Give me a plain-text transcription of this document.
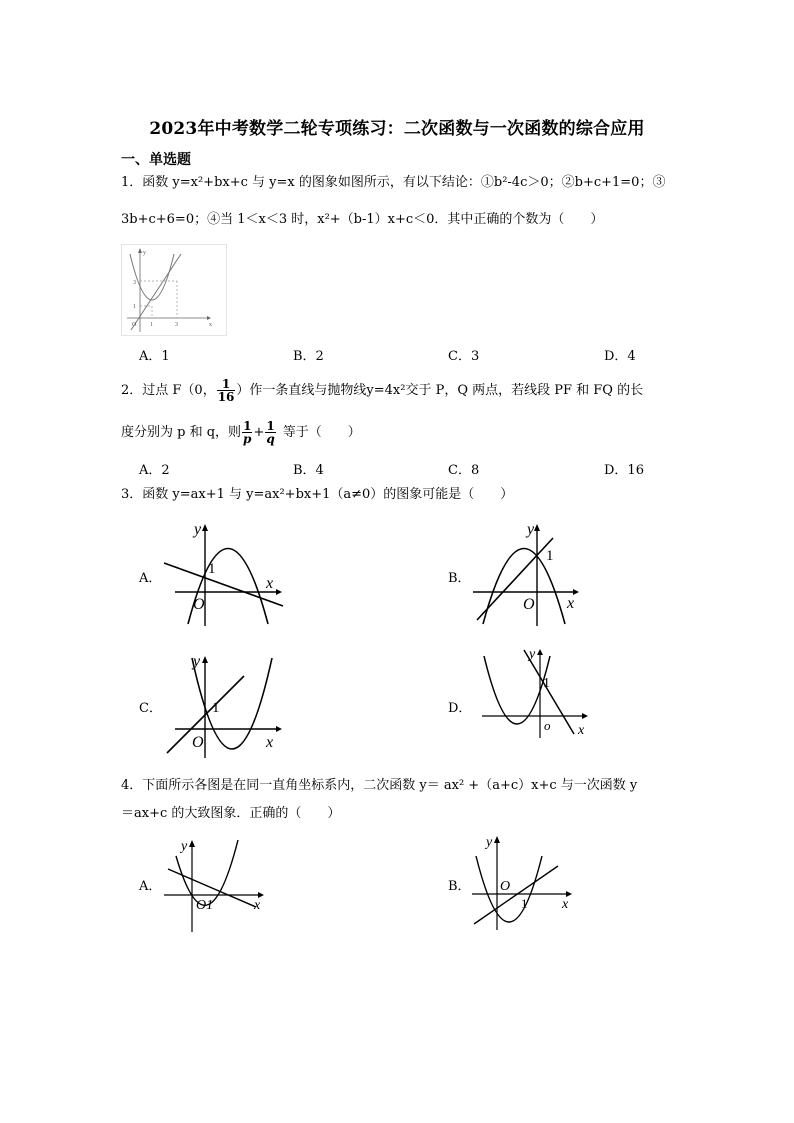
2023年中考数学二轮专项练习：二次函数与一次函数的综合应用
一、单选题
1．函数 y=x²+bx+c 与 y=x 的图象如图所示，有以下结论：①b²-4c＞0；②b+c+1=0；③
3b+c+6=0；④当 1＜x＜3 时，x²+（b-1）x+c＜0．其中正确的个数为（　　）
y
x
O 1	3
3
1
A．1	B．2	C．3	D．4
2．过点 F（0， $\frac{1}{16}$ ）作一条直线与抛物线y=4x²交于 P，Q 两点，若线段 PF 和 FQ 的长
度分别为 p 和 q，则 $\frac{1}{p} + \frac{1}{q}$ 等于（　　）
A．2	B．4	C．8	D．16
3．函数 y=ax+1 与 y=ax²+bx+1（a≠0）的图象可能是（　　）
A．
y
x
O
1
B．
y
x
O
1
C．
y
x
O
1	D．
y
x
o
1
4．下面所示各图是在同一直角坐标系内，二次函数 y＝ ax² +（a+c）x+c 与一次函数 y
＝ax+c 的大致图象．正确的（　　）
A．
y
x
O1
B．
y
x
O
1
